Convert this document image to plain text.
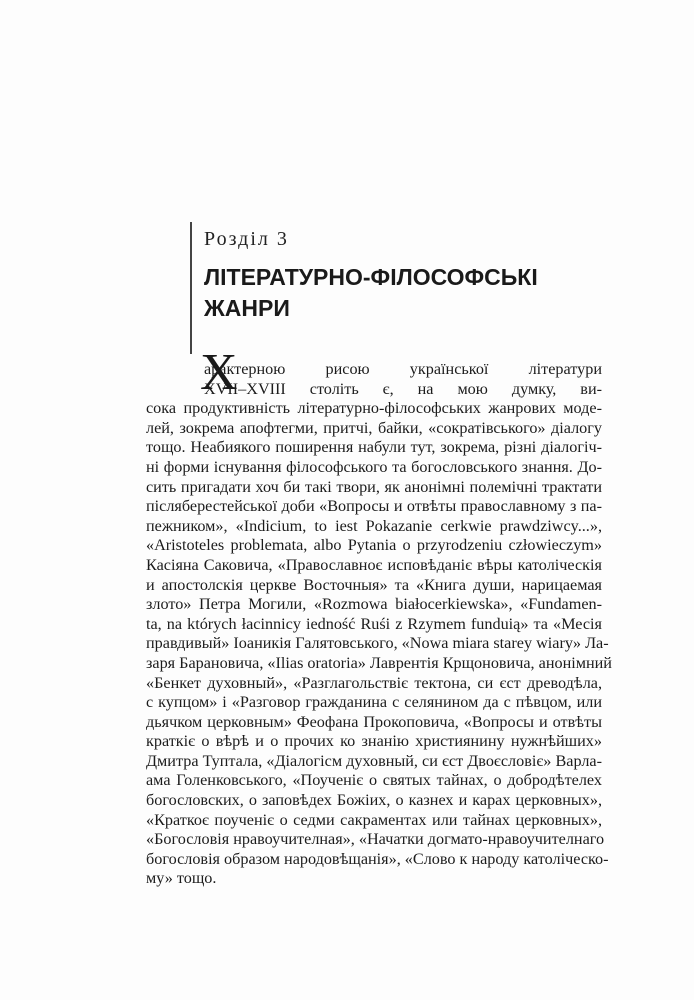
Розділ 3
ЛІТЕРАТУРНО-ФІЛОСОФСЬКІ
ЖАНРИ
Х
арактерною рисою української літератури
XVII–XVIII століть є, на мою думку, ви-
сока продуктивність літературно-філософських жанрових моде-
лей, зокрема апофтегми, притчі, байки, «сократівського» діалогу
тощо. Неабиякого поширення набули тут, зокрема, різні діалогіч-
ні форми існування філософського та богословського знання. До-
сить пригадати хоч би такі твори, як анонімні полемічні трактати
післяберестейської доби «Вопросы и отвѣты православному з па-
пежником», «Indicium, to iest Pokazanie cerkwie prawdziwcy...»,
«Aristoteles problemata, albo Pytania o przyrodzeniu człowieczym»
Касіяна Саковича, «Православноє исповѣданіє вѣры католіческія
и апостолскія церкве Восточныя» та «Книга души, нарицаемая
злото» Петра Могили, «Rozmowa białocerkiewska», «Fundamen-
ta, na których łacinnicy iedność Ruśi z Rzymem funduią» та «Месія
правдивый» Іоаникія Галятовського, «Nowa miara starey wiary» Ла-
заря Барановича, «Ilias oratoria» Лаврентія Крщоновича, анонімний
«Бенкет духовный», «Разглагольствіє тектона, си єст древодѣла,
с купцом» і «Разговор гражданина с селянином да с пѣвцом, или
дьячком церковным» Феофана Прокоповича, «Вопросы и отвѣты
краткіє о вѣрѣ и о прочих ко знанію християнину нужнѣйших»
Дмитра Туптала, «Діалогісм духовный, си єст Двоєсловіє» Варла-
ама Голенковського, «Поученіє о святых тайнах, о добродѣтелех
богословских, о заповѣдех Божіих, о казнех и карах церковных»,
«Краткоє поученіє о седми сакраментах или тайнах церковных»,
«Богословія нравоучителная», «Начатки догмато-нравоучителнаго
богословія образом народовѣщанія», «Слово к народу католіческо-
му» тощо.
